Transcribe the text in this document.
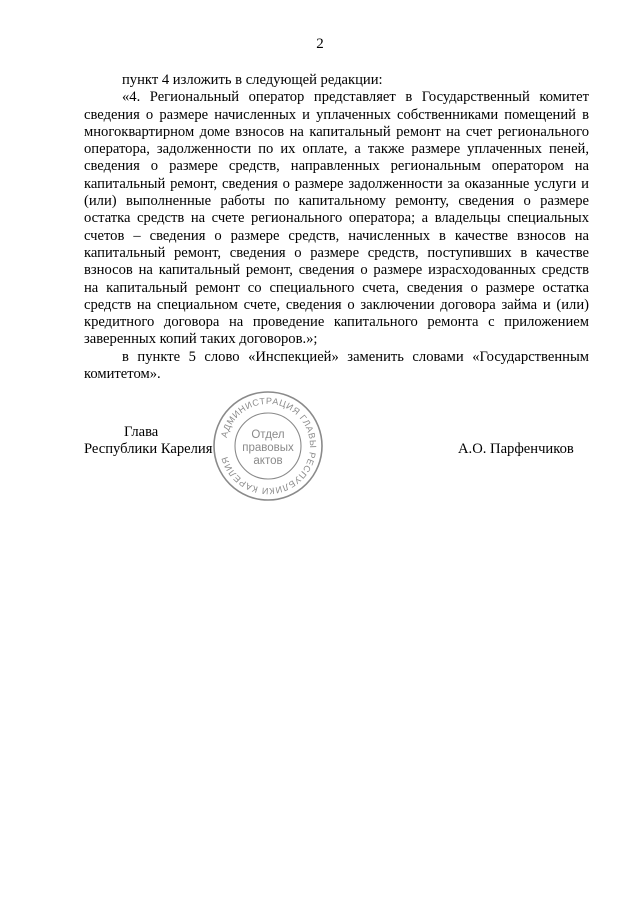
2

пункт 4 изложить в следующей редакции:

«4. Региональный оператор представляет в Государственный комитет сведения о размере начисленных и уплаченных собственниками помещений в многоквартирном доме взносов на капитальный ремонт на счет регионального оператора, задолженности по их оплате, а также размере уплаченных пеней, сведения о размере средств, направленных региональным оператором на капитальный ремонт, сведения о размере задолженности за оказанные услуги и (или) выполненные работы по капитальному ремонту, сведения о размере остатка средств на счете регионального оператора; а владельцы специальных счетов – сведения о размере средств, начисленных в качестве взносов на капитальный ремонт, сведения о размере средств, поступивших в качестве взносов на капитальный ремонт, сведения о размере израсходованных средств на капитальный ремонт со специального счета, сведения о размере остатка средств на специальном счете, сведения о заключении договора займа и (или) кредитного договора на проведение капитального ремонта с приложением заверенных копий таких договоров.»;

в пункте 5 слово «Инспекцией» заменить словами «Государственным комитетом».

Глава
Республики Карелия	А.О. Парфенчиков
АДМИНИСТРАЦИЯ ГЛАВЫ РЕСПУБЛИКИ КАРЕЛИЯ
Отдел
правовых
актов
